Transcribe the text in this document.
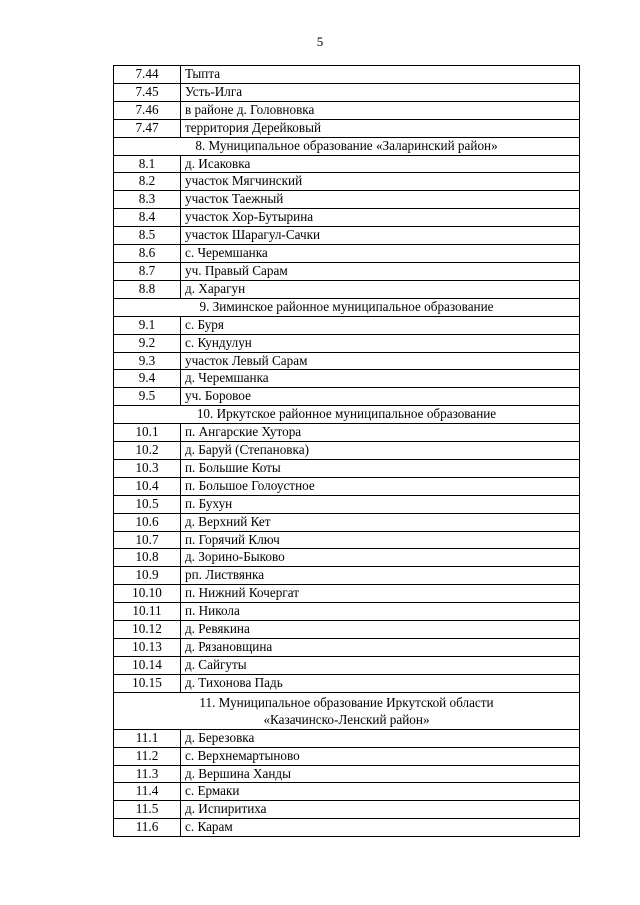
5
7.44	Тыпта
7.45	Усть-Илга
7.46	в районе д. Головновка
7.47	территория Дерейковый
8. Муниципальное образование «Заларинский район»	
8.1	д. Исаковка
8.2	участок Мягчинский
8.3	участок Таежный
8.4	участок Хор-Бутырина
8.5	участок Шарагул-Сачки
8.6	с. Черемшанка
8.7	уч. Правый Сарам
8.8	д. Харагун
9. Зиминское районное муниципальное образование	
9.1	с. Буря
9.2	с. Кундулун
9.3	участок Левый Сарам
9.4	д. Черемшанка
9.5	уч. Боровое
10. Иркутское районное муниципальное образование	
10.1	п. Ангарские Хутора
10.2	д. Баруй (Степановка)
10.3	п. Большие Коты
10.4	п. Большое Голоустное
10.5	п. Бухун
10.6	д. Верхний Кет
10.7	п. Горячий Ключ
10.8	д. Зорино-Быково
10.9	рп. Листвянка
10.10	п. Нижний Кочергат
10.11	п. Никола
10.12	д. Ревякина
10.13	д. Рязановщина
10.14	д. Сайгуты
10.15	д. Тихонова Падь

11. Муниципальное образование Иркутской области
«Казачинско-Ленский район»	

11.1	д. Березовка
11.2	с. Верхнемартыново
11.3	д. Вершина Ханды
11.4	с. Ермаки
11.5	д. Испиритиха
11.6	с. Карам
